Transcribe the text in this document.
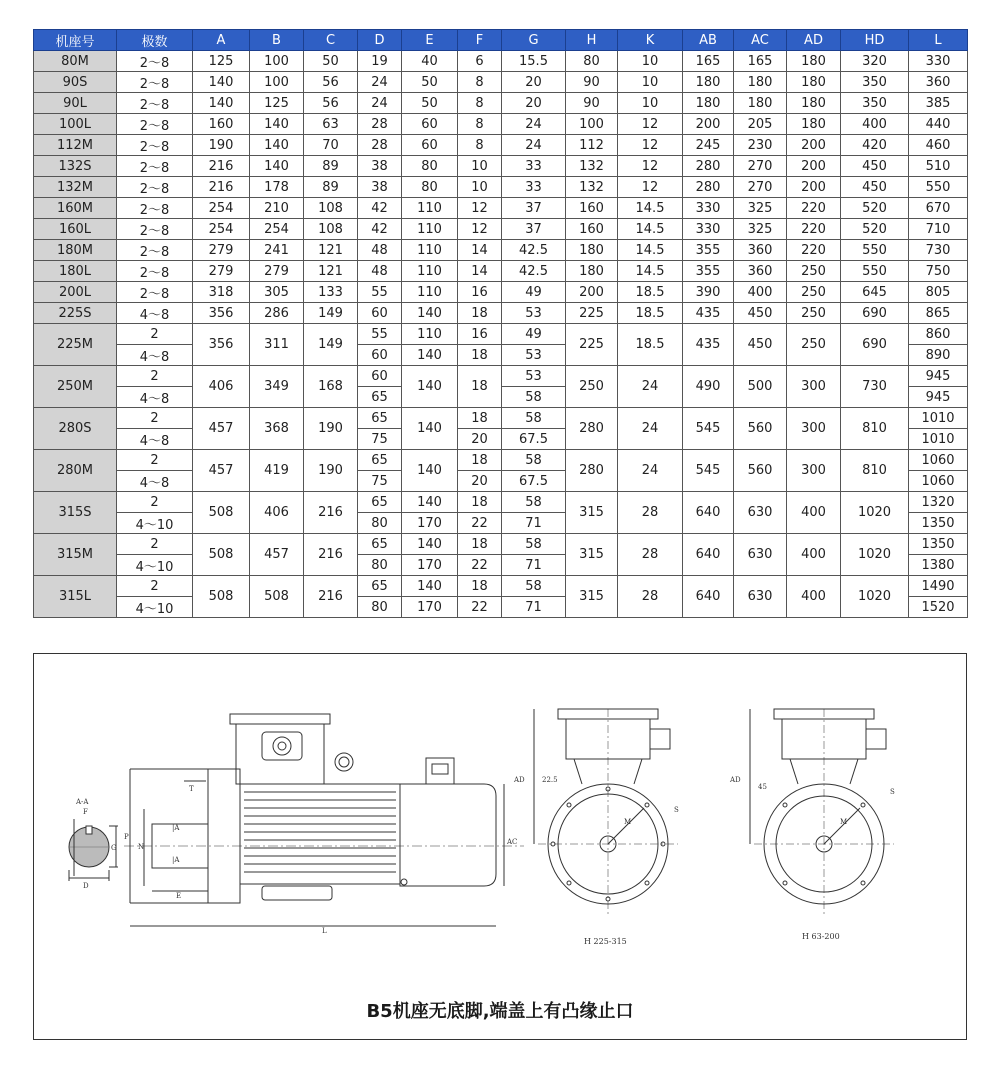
机座号	极数	A	B	C	D	E	F	G	H	K	AB	AC	AD	HD	L
80M	2～8	125	100	50	19	40	6	15.5	80	10	165	165	180	320	330
90S	2～8	140	100	56	24	50	8	20	90	10	180	180	180	350	360
90L	2～8	140	125	56	24	50	8	20	90	10	180	180	180	350	385
100L	2～8	160	140	63	28	60	8	24	100	12	200	205	180	400	440
112M	2～8	190	140	70	28	60	8	24	112	12	245	230	200	420	460
132S	2～8	216	140	89	38	80	10	33	132	12	280	270	200	450	510
132M	2～8	216	178	89	38	80	10	33	132	12	280	270	200	450	550
160M	2～8	254	210	108	42	110	12	37	160	14.5	330	325	220	520	670
160L	2～8	254	254	108	42	110	12	37	160	14.5	330	325	220	520	710
180M	2～8	279	241	121	48	110	14	42.5	180	14.5	355	360	220	550	730
180L	2～8	279	279	121	48	110	14	42.5	180	14.5	355	360	250	550	750
200L	2～8	318	305	133	55	110	16	49	200	18.5	390	400	250	645	805
225S	4～8	356	286	149	60	140	18	53	225	18.5	435	450	250	690	865
225M	2	356	311	149	55	110	16	49	225	18.5	435	450	250	690	860
	4～8				60	140	18	53							890
250M	2	406	349	168	60	140	18	53	250	24	490	500	300	730	945
	4～8				65			58							945
280S	2	457	368	190	65	140	18	58	280	24	545	560	300	810	1010
	4～8				75		20	67.5							1010
280M	2	457	419	190	65	140	18	58	280	24	545	560	300	810	1060
	4～8				75		20	67.5							1060
315S	2	508	406	216	65	140	18	58	315	28	640	630	400	1020	1320
	4～10				80	170	22	71							1350
315M	2	508	457	216	65	140	18	58	315	28	640	630	400	1020	1350
	4～10				80	170	22	71							1380
315L	2	508	508	216	65	140	18	58	315	28	640	630	400	1020	1490
	4～10				80	170	22	71							1520
A-A
F
G
D
T
P
N
|A
|A
E
L
AC
AD 22.5
M
S
H 225-315
AD
45
M
S
H 63-200
B5机座无底脚,端盖上有凸缘止口
